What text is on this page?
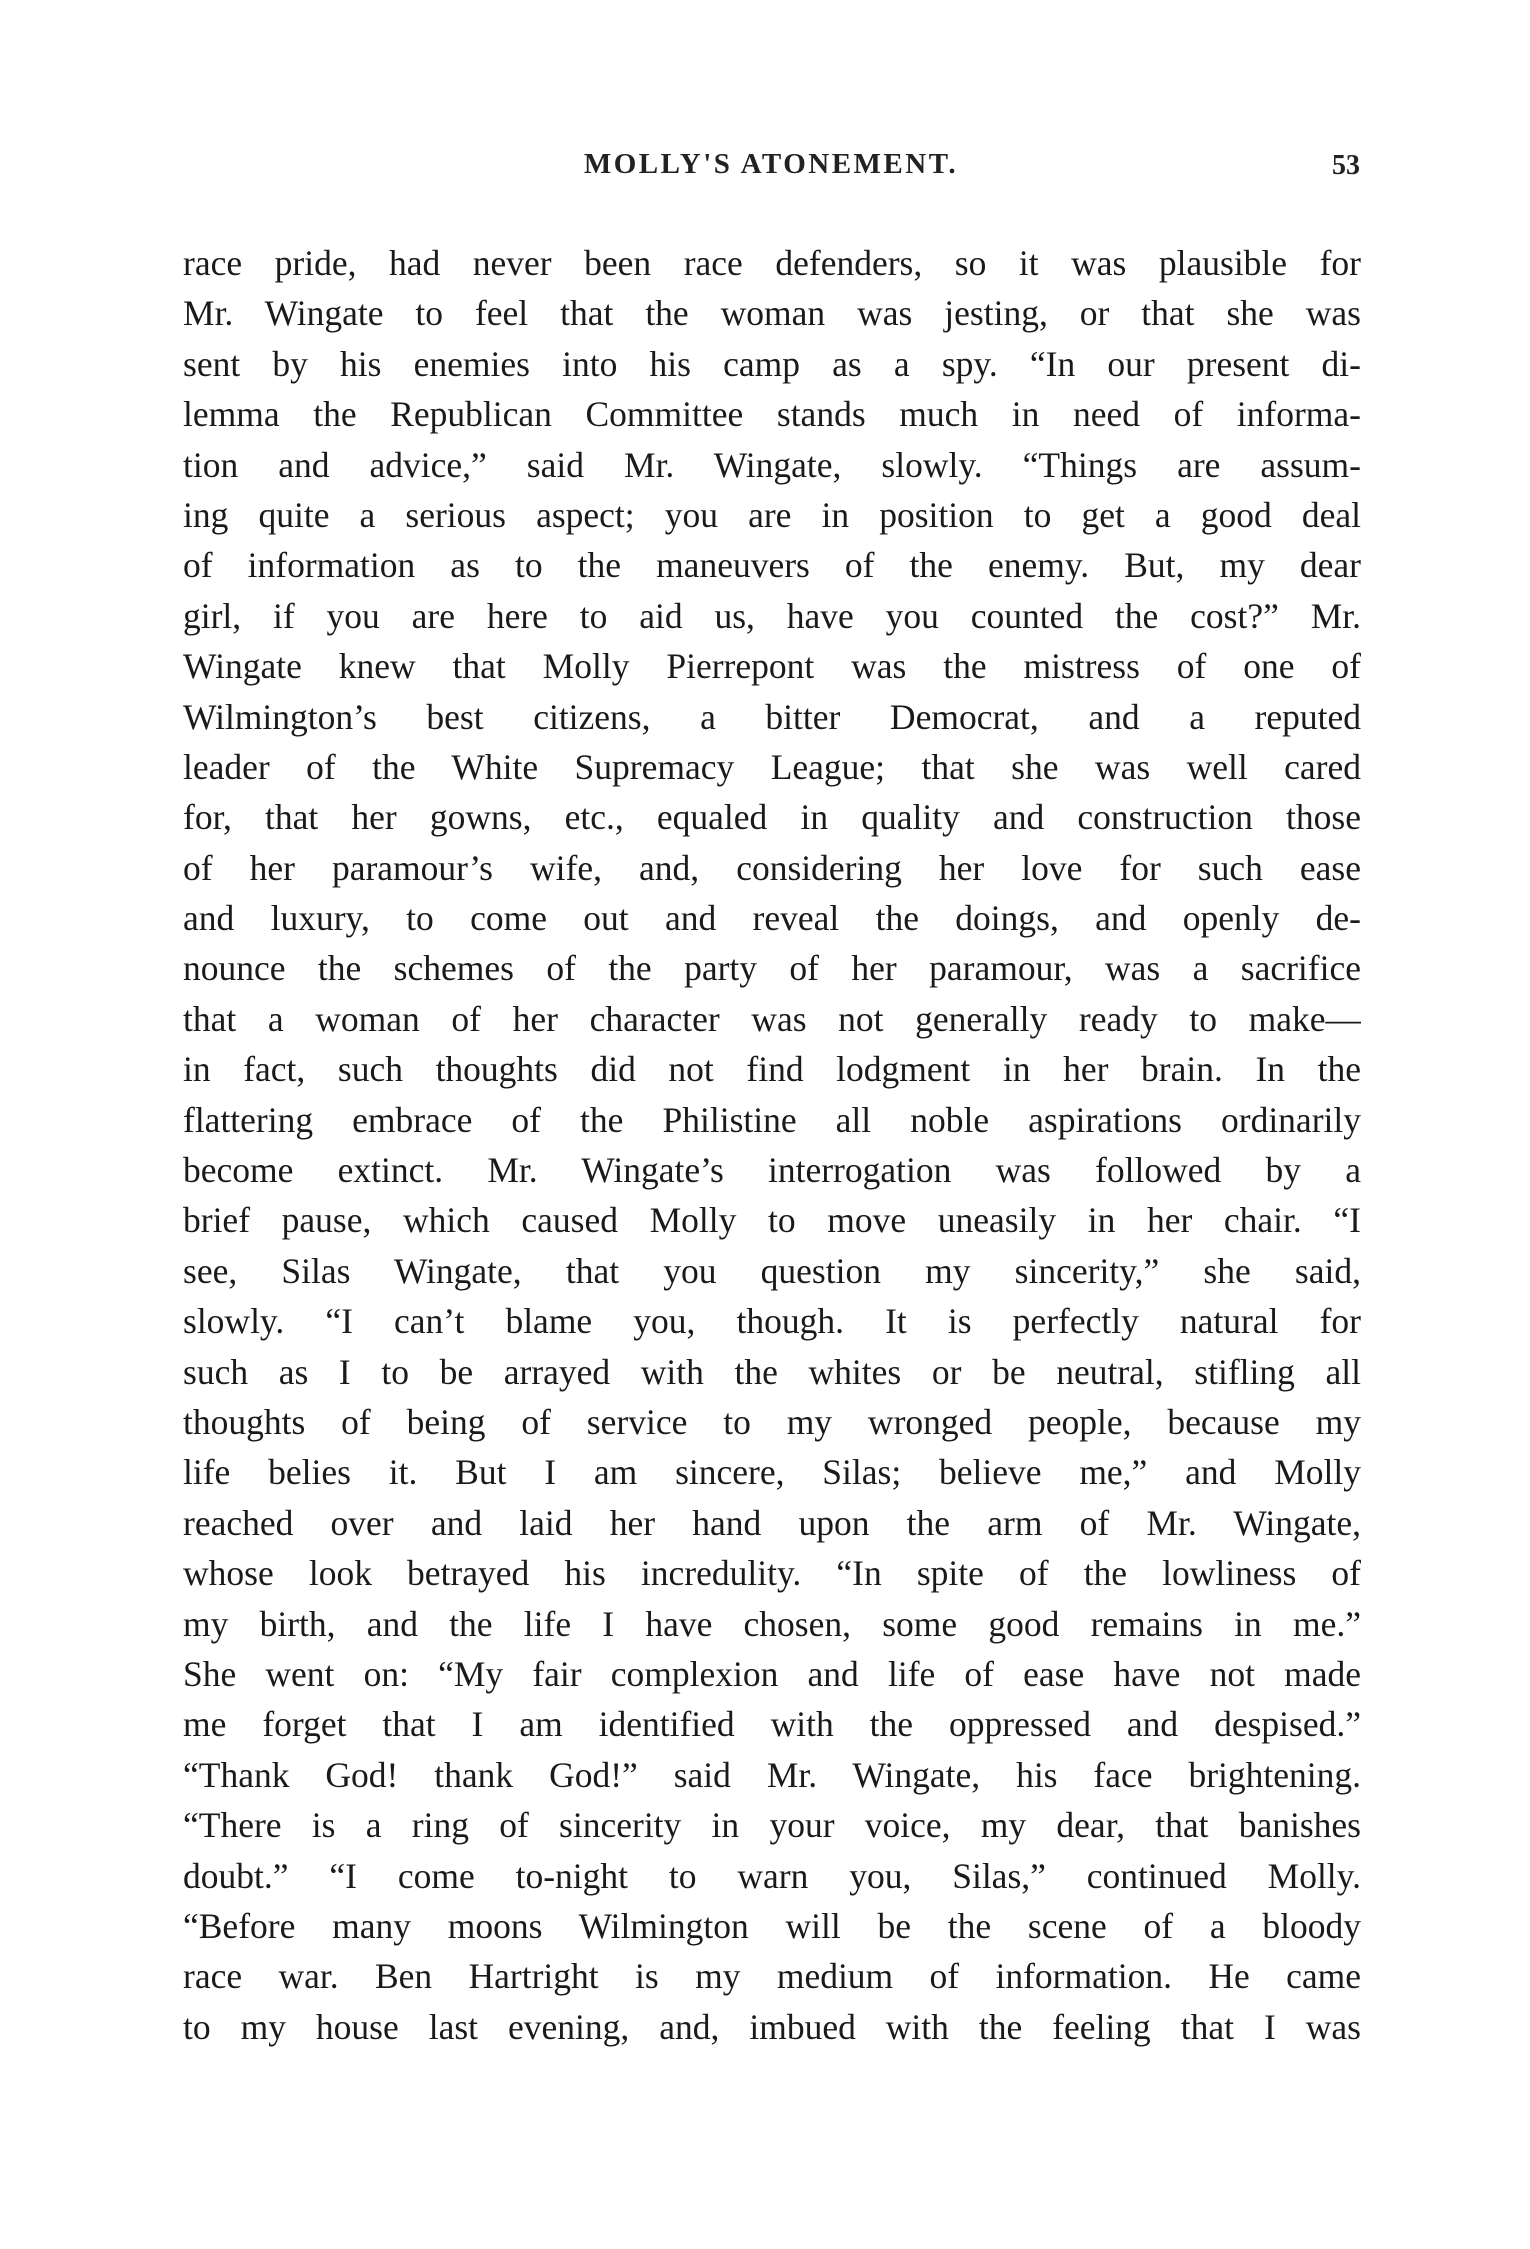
MOLLY'S ATONEMENT.	53
race pride, had never been race defenders, so it was plausible for
Mr. Wingate to feel that the woman was jesting, or that she was
sent by his enemies into his camp as a spy. “In our present di-
lemma the Republican Committee stands much in need of informa-
tion and advice,” said Mr. Wingate, slowly. “Things are assum-
ing quite a serious aspect; you are in position to get a good deal
of information as to the maneuvers of the enemy. But, my dear
girl, if you are here to aid us, have you counted the cost?” Mr.
Wingate knew that Molly Pierrepont was the mistress of one of
Wilmington’s best citizens, a bitter Democrat, and a reputed
leader of the White Supremacy League; that she was well cared
for, that her gowns, etc., equaled in quality and construction those
of her paramour’s wife, and, considering her love for such ease
and luxury, to come out and reveal the doings, and openly de-
nounce the schemes of the party of her paramour, was a sacrifice
that a woman of her character was not generally ready to make—
in fact, such thoughts did not find lodgment in her brain. In the
flattering embrace of the Philistine all noble aspirations ordinarily
become extinct. Mr. Wingate’s interrogation was followed by a
brief pause, which caused Molly to move uneasily in her chair. “I
see, Silas Wingate, that you question my sincerity,” she said,
slowly. “I can’t blame you, though. It is perfectly natural for
such as I to be arrayed with the whites or be neutral, stifling all
thoughts of being of service to my wronged people, because my
life belies it. But I am sincere, Silas; believe me,” and Molly
reached over and laid her hand upon the arm of Mr. Wingate,
whose look betrayed his incredulity. “In spite of the lowliness of
my birth, and the life I have chosen, some good remains in me.”
She went on: “My fair complexion and life of ease have not made
me forget that I am identified with the oppressed and despised.”
“Thank God! thank God!” said Mr. Wingate, his face brightening.
“There is a ring of sincerity in your voice, my dear, that banishes
doubt.” “I come to-night to warn you, Silas,” continued Molly.
“Before many moons Wilmington will be the scene of a bloody
race war. Ben Hartright is my medium of information. He came
to my house last evening, and, imbued with the feeling that I was
